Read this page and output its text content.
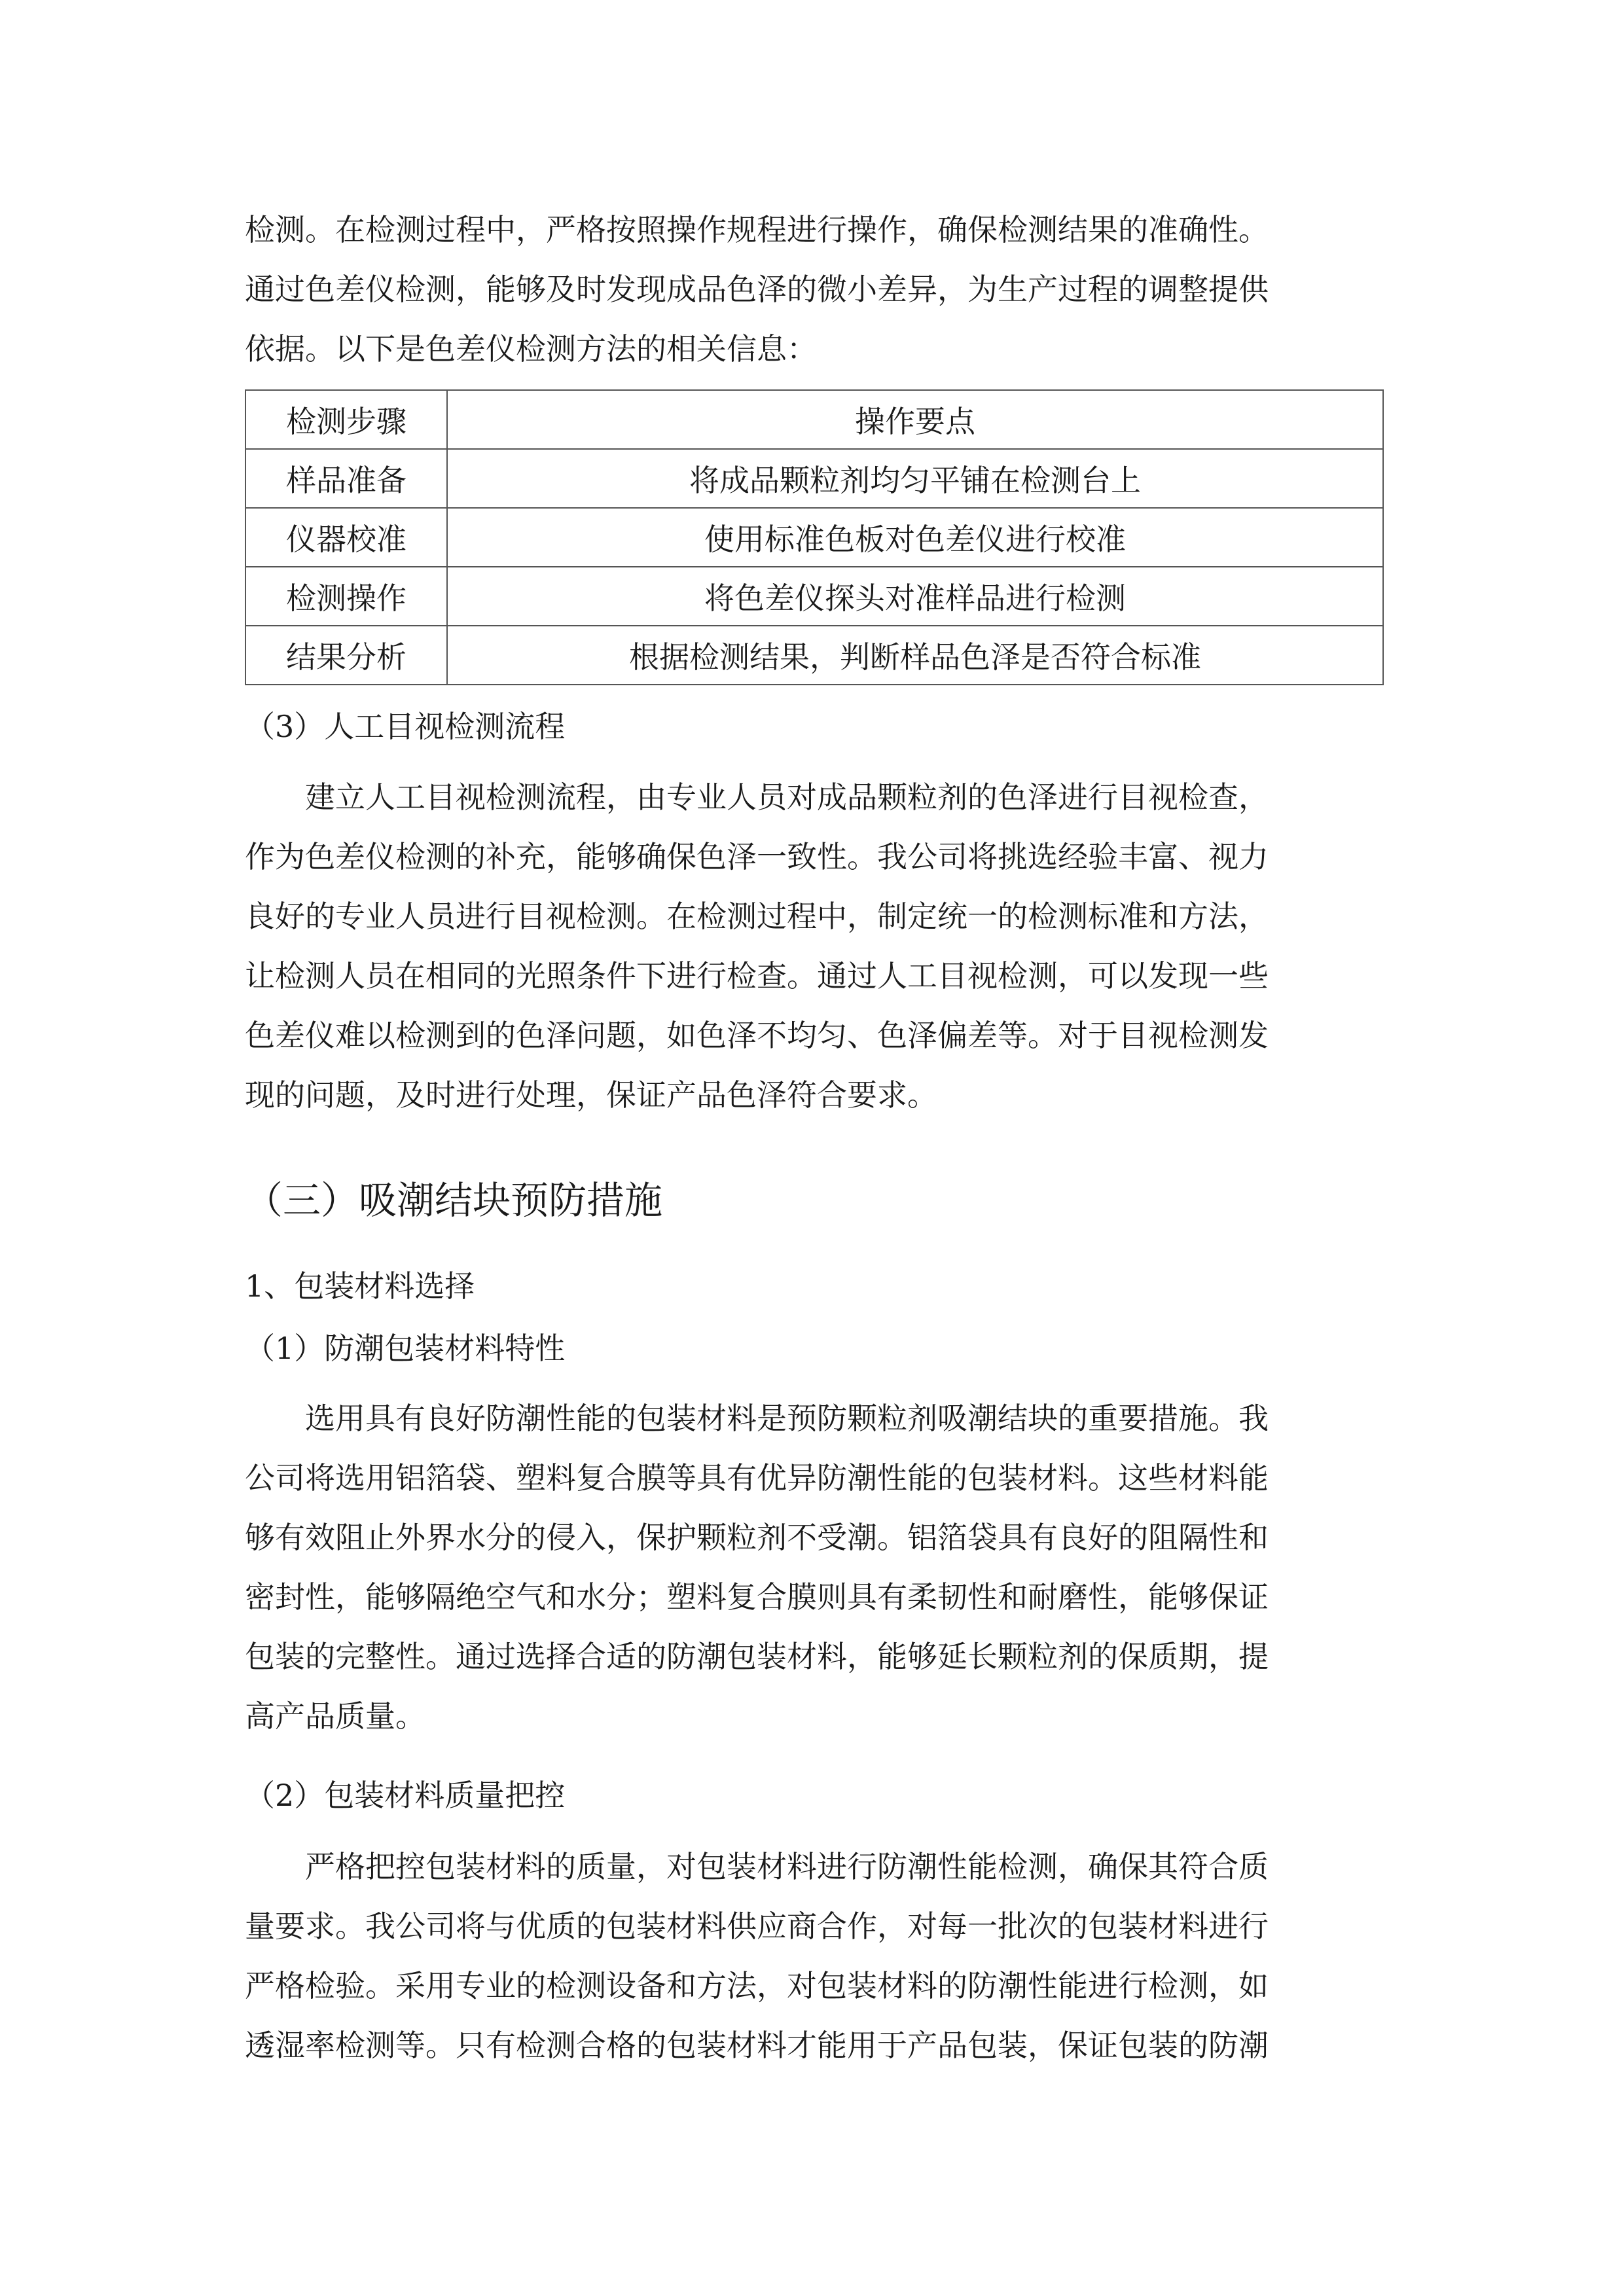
检测。在检测过程中，严格按照操作规程进行操作，确保检测结果的准确性。
通过色差仪检测，能够及时发现成品色泽的微小差异，为生产过程的调整提供
依据。以下是色差仪检测方法的相关信息：
检测步骤	操作要点
样品准备	将成品颗粒剂均匀平铺在检测台上
仪器校准	使用标准色板对色差仪进行校准
检测操作	将色差仪探头对准样品进行检测
结果分析	根据检测结果，判断样品色泽是否符合标准
（3）人工目视检测流程
建立人工目视检测流程，由专业人员对成品颗粒剂的色泽进行目视检查，
作为色差仪检测的补充，能够确保色泽一致性。我公司将挑选经验丰富、视力
良好的专业人员进行目视检测。在检测过程中，制定统一的检测标准和方法，
让检测人员在相同的光照条件下进行检查。通过人工目视检测，可以发现一些
色差仪难以检测到的色泽问题，如色泽不均匀、色泽偏差等。对于目视检测发
现的问题，及时进行处理，保证产品色泽符合要求。
（三）吸潮结块预防措施
1、包装材料选择
（1）防潮包装材料特性
选用具有良好防潮性能的包装材料是预防颗粒剂吸潮结块的重要措施。我
公司将选用铝箔袋、塑料复合膜等具有优异防潮性能的包装材料。这些材料能
够有效阻止外界水分的侵入，保护颗粒剂不受潮。铝箔袋具有良好的阻隔性和
密封性，能够隔绝空气和水分；塑料复合膜则具有柔韧性和耐磨性，能够保证
包装的完整性。通过选择合适的防潮包装材料，能够延长颗粒剂的保质期，提
高产品质量。
（2）包装材料质量把控
严格把控包装材料的质量，对包装材料进行防潮性能检测，确保其符合质
量要求。我公司将与优质的包装材料供应商合作，对每一批次的包装材料进行
严格检验。采用专业的检测设备和方法，对包装材料的防潮性能进行检测，如
透湿率检测等。只有检测合格的包装材料才能用于产品包装，保证包装的防潮
